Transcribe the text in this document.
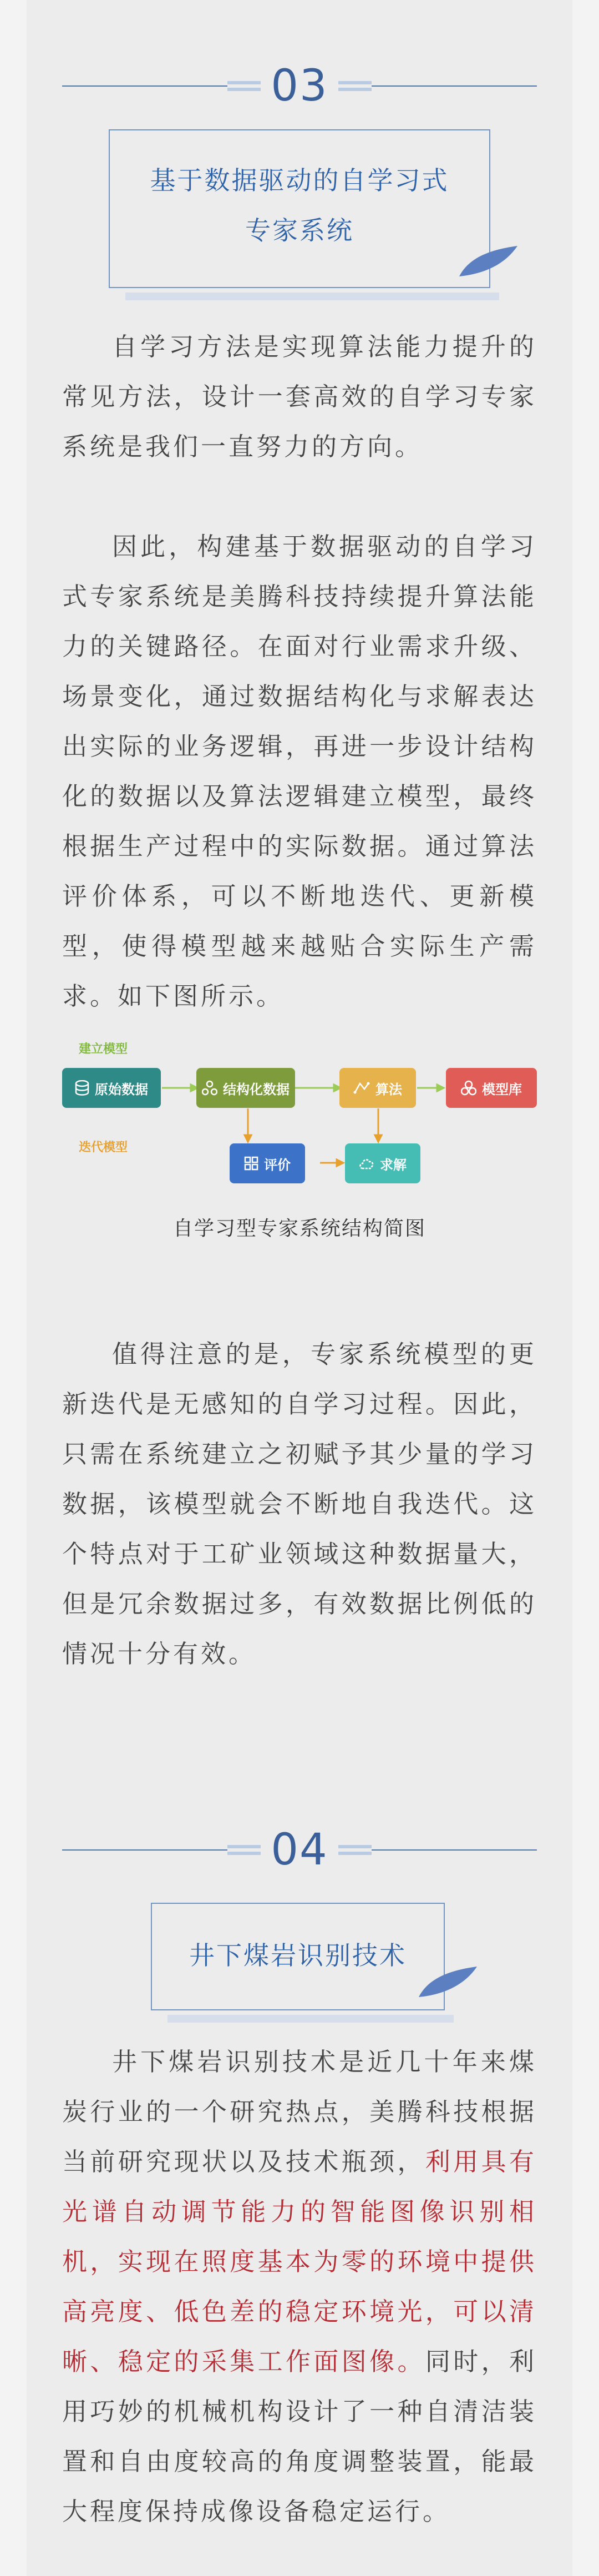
03
基于数据驱动的自学习式
专家系统

自学习方法是实现算法能力提升的常见方法，设计一套高效的自学习专家系统是我们一直努力的方向。

因此，构建基于数据驱动的自学习式专家系统是美腾科技持续提升算法能力的关键路径。在面对行业需求升级、场景变化，通过数据结构化与求解表达出实际的业务逻辑，再进一步设计结构化的数据以及算法逻辑建立模型，最终根据生产过程中的实际数据。通过算法评价体系，可以不断地迭代、更新模型，使得模型越来越贴合实际生产需求。如下图所示。

建立模型
迭代模型
原始数据	结构化数据	算法	模型库
评价	求解
自学习型专家系统结构简图

值得注意的是，专家系统模型的更新迭代是无感知的自学习过程。因此，只需在系统建立之初赋予其少量的学习数据，该模型就会不断地自我迭代。这个特点对于工矿业领域这种数据量大，但是冗余数据过多，有效数据比例低的情况十分有效。

04
井下煤岩识别技术

井下煤岩识别技术是近几十年来煤炭行业的一个研究热点，美腾科技根据当前研究现状以及技术瓶颈，利用具有光谱自动调节能力的智能图像识别相机，实现在照度基本为零的环境中提供高亮度、低色差的稳定环境光，可以清晰、稳定的采集工作面图像。同时，利用巧妙的机械机构设计了一种自清洁装置和自由度较高的角度调整装置，能最大程度保持成像设备稳定运行。
